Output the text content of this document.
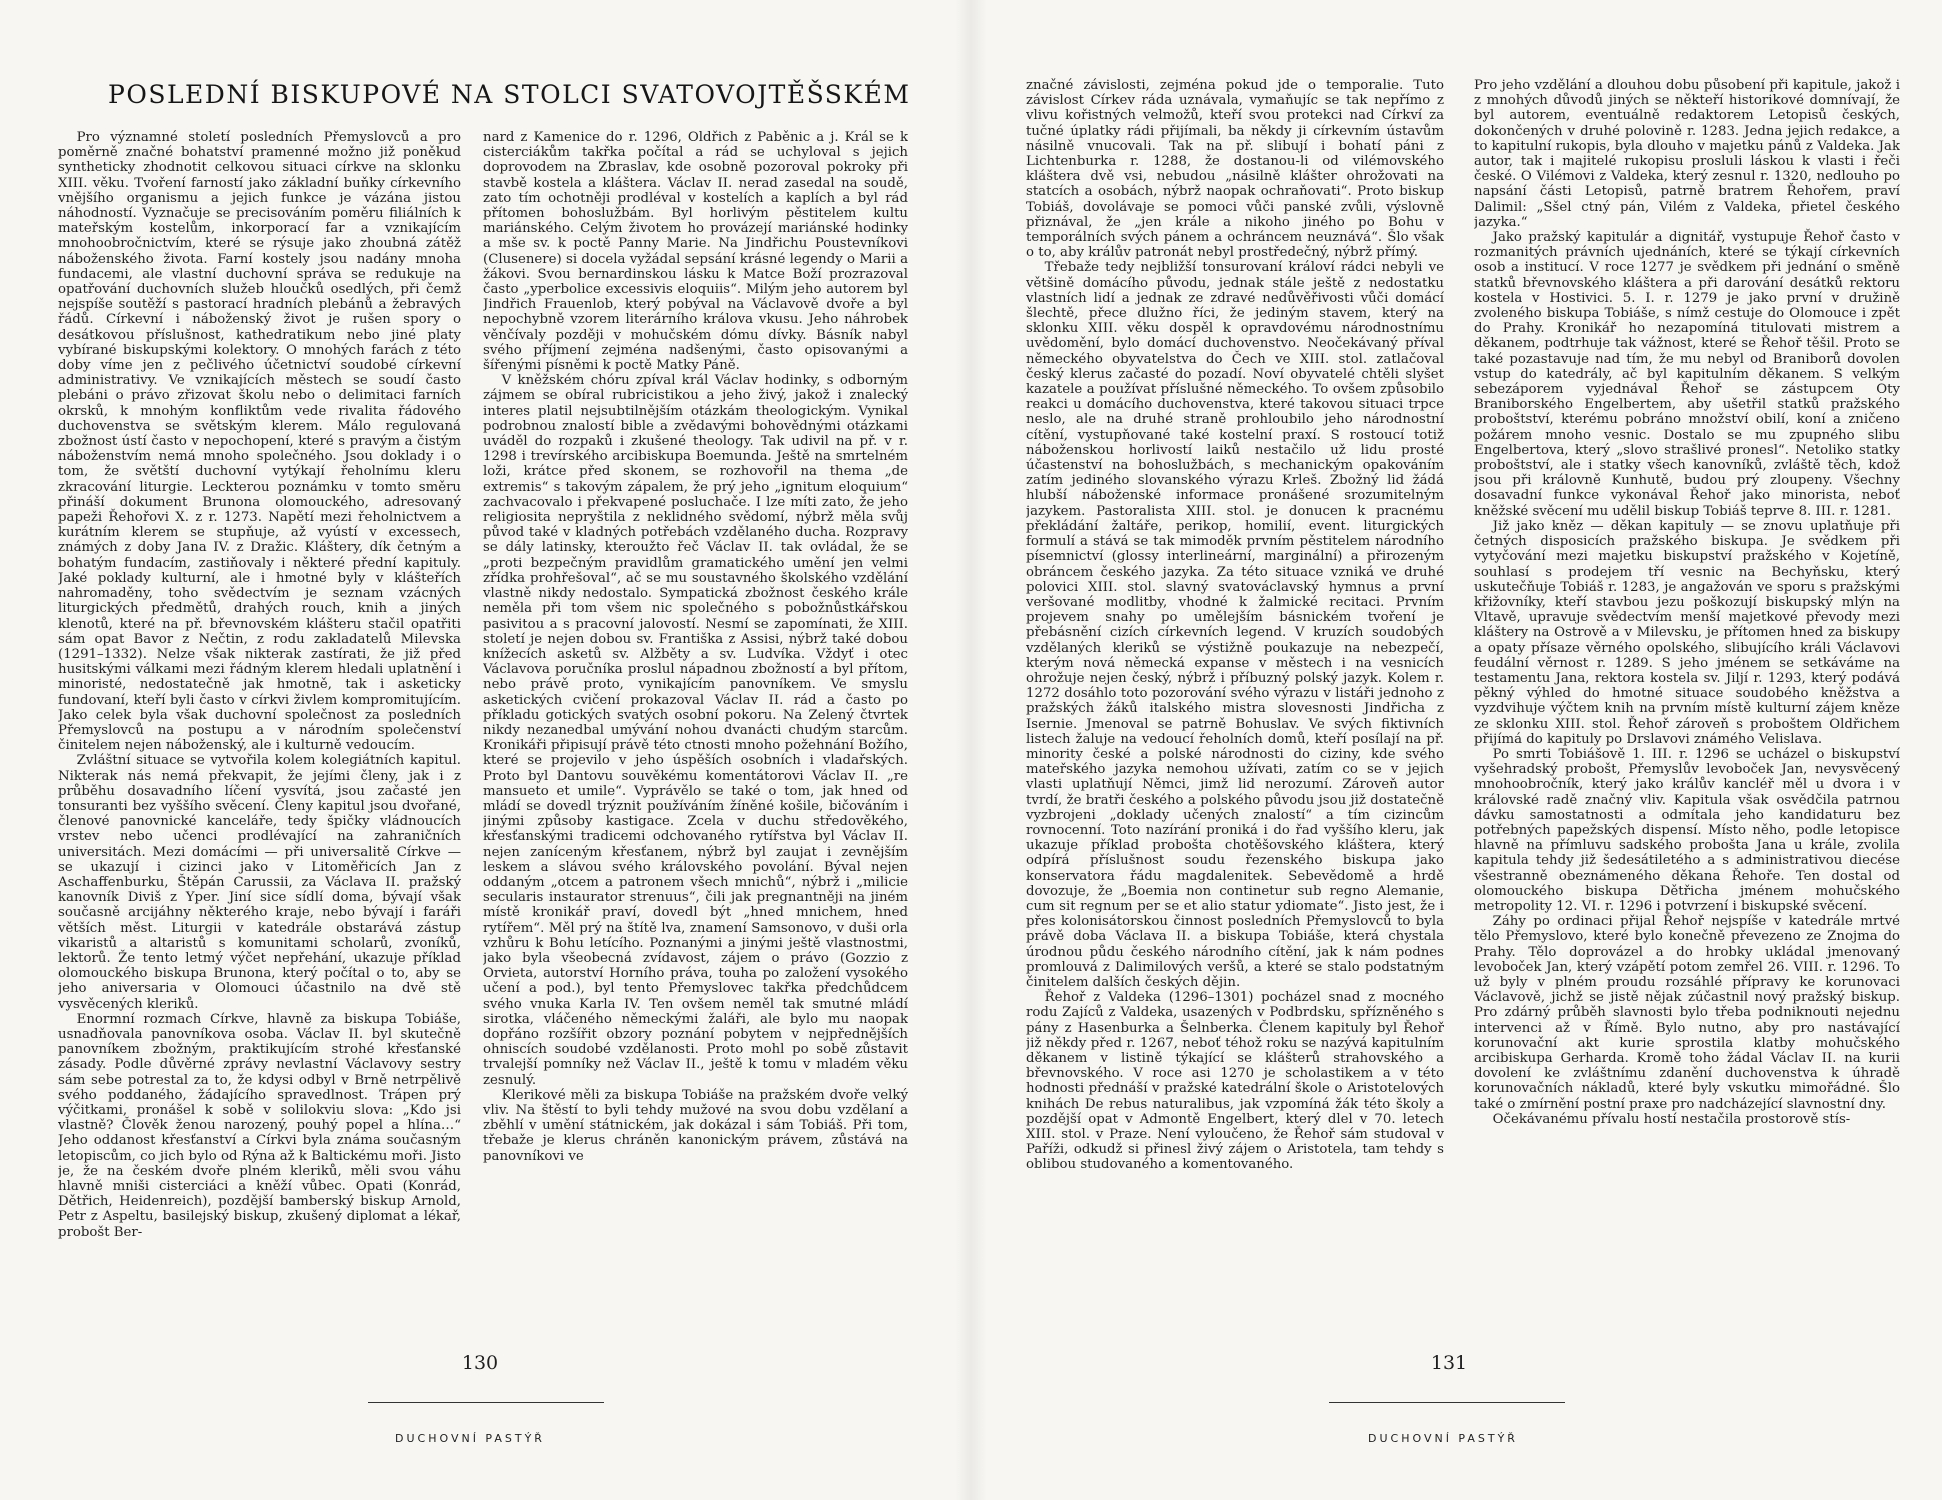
POSLEDNÍ BISKUPOVÉ NA STOLCI SVATOVOJTĚŠSKÉM

Pro významné století posledních Přemyslovců a pro poměrně značné bohatství pramenné možno již poněkud syntheticky zhodnotit celkovou situaci církve na sklonku XIII. věku. Tvoření farností jako základní buňky církevního vnějšího organismu a jejich funkce je vázána jistou náhodností. Vyznačuje se precisováním poměru filiálních k mateřským kostelům, inkorporací far a vznikajícím mnohoobročnictvím, které se rýsuje jako zhoubná zátěž náboženského života. Farní kostely jsou nadány mnoha fundacemi, ale vlastní duchovní správa se redukuje na opatřování duchovních služeb hloučků osedlých, při čemž nejspíše soutěží s pastorací hradních plebánů a žebravých řádů. Církevní i náboženský život je rušen spory o desátkovou příslušnost, kathedratikum nebo jiné platy vybírané biskupskými kolektory. O mnohých farách z této doby víme jen z pečlivého účetnictví soudobé církevní administrativy. Ve vznikajících městech se soudí často plebáni o právo zřizovat školu nebo o delimitaci farních okrsků, k mnohým konfliktům vede rivalita řádového duchovenstva se světským klerem. Málo regulovaná zbožnost ústí často v nepochopení, které s pravým a čistým náboženstvím nemá mnoho společného. Jsou doklady i o tom, že světští duchovní vytýkají řeholnímu kleru zkracování liturgie. Leckterou poznámku v tomto směru přináší dokument Brunona olomouckého, adresovaný papeži Řehořovi X. z r. 1273. Napětí mezi řeholnictvem a kurátním klerem se stupňuje, až vyústí v excessech, známých z doby Jana IV. z Dražic. Kláštery, dík četným a bohatým fundacím, zastiňovaly i některé přední kapituly. Jaké poklady kulturní, ale i hmotné byly v klášteřích nahromaděny, toho svědectvím je seznam vzácných liturgických předmětů, drahých rouch, knih a jiných klenotů, které na př. břevnovském klášteru stačil opatřiti sám opat Bavor z Nečtin, z rodu zakladatelů Milevska (1291–1332). Nelze však nikterak zastírati, že již před husitskými válkami mezi řádným klerem hledali uplatnění i minoristé, nedostatečně jak hmotně, tak i asketicky fundovaní, kteří byli často v církvi živlem kompromitujícím. Jako celek byla však duchovní společnost za posledních Přemyslovců na postupu a v národním společenství činitelem nejen náboženský, ale i kulturně vedoucím.

Zvláštní situace se vytvořila kolem kolegiátních kapitul. Nikterak nás nemá překvapit, že jejími členy, jak i z průběhu dosavadního líčení vysvítá, jsou začasté jen tonsuranti bez vyššího svěcení. Členy kapitul jsou dvořané, členové panovnické kanceláře, tedy špičky vládnoucích vrstev nebo učenci prodlévající na zahraničních universitách. Mezi domácími — při universalitě Církve — se ukazují i cizinci jako v Litoměřicích Jan z Aschaffenburku, Štěpán Carussii, za Václava II. pražský kanovník Diviš z Yper. Jiní sice sídlí doma, bývají však současně arcijáhny některého kraje, nebo bývají i faráři větších měst. Liturgii v katedrále obstarává zástup vikaristů a altaristů s komunitami scholarů, zvoníků, lektorů. Že tento letmý výčet nepřehání, ukazuje příklad olomouckého biskupa Brunona, který počítal o to, aby se jeho aniversaria v Olomouci účastnilo na dvě stě vysvěcených kleriků.

Enormní rozmach Církve, hlavně za biskupa Tobiáše, usnadňovala panovníkova osoba. Václav II. byl skutečně panovníkem zbožným, praktikujícím strohé křesťanské zásady. Podle důvěrné zprávy nevlastní Václavovy sestry sám sebe potrestal za to, že kdysi odbyl v Brně netrpělivě svého poddaného, žádajícího spravedlnost. Trápen prý výčitkami, pronášel k sobě v solilokviu slova: „Kdo jsi vlastně? Člověk ženou narozený, pouhý popel a hlína…“ Jeho oddanost křesťanství a Církvi byla známa současným letopiscům, co jich bylo od Rýna až k Baltickému moři. Jisto je, že na českém dvoře plném kleriků, měli svou váhu hlavně mniši cisterciáci a kněží vůbec. Opati (Konrád, Dětřich, Heidenreich), pozdější bamberský biskup Arnold, Petr z Aspeltu, basilejský biskup, zkušený diplomat a lékař, probošt Ber-

nard z Kamenice do r. 1296, Oldřich z Paběnic a j. Král se k cisterciákům takřka počítal a rád se uchyloval s jejich doprovodem na Zbraslav, kde osobně pozoroval pokroky při stavbě kostela a kláštera. Václav II. nerad zasedal na soudě, zato tím ochotněji prodléval v kostelích a kaplích a byl rád přítomen bohoslužbám. Byl horlivým pěstitelem kultu mariánského. Celým životem ho provázejí mariánské hodinky a mše sv. k poctě Panny Marie. Na Jindřichu Poustevníkovi (Clusenere) si docela vyžádal sepsání krásné legendy o Marii a žákovi. Svou bernardinskou lásku k Matce Boží prozrazoval často „yperbolice excessivis eloquiis“. Milým jeho autorem byl Jindřich Frauenlob, který pobýval na Václavově dvoře a byl nepochybně vzorem literárního králova vkusu. Jeho náhrobek věnčívaly později v mohučském dómu dívky. Básník nabyl svého příjmení zejména nadšenými, často opisovanými a šířenými písněmi k poctě Matky Páně.

V kněžském chóru zpíval král Václav hodinky, s odborným zájmem se obíral rubricistikou a jeho živý, jakož i znalecký interes platil nejsubtilnějším otázkám theologickým. Vynikal podrobnou znalostí bible a zvědavými bohovědnými otázkami uváděl do rozpaků i zkušené theology. Tak udivil na př. v r. 1298 i trevírského arcibiskupa Boemunda. Ještě na smrtelném loži, krátce před skonem, se rozhovořil na thema „de extremis“ s takovým zápalem, že prý jeho „ignitum eloquium“ zachvacovalo i překvapené posluchače. I lze míti zato, že jeho religiosita nepryštila z neklidného svědomí, nýbrž měla svůj původ také v kladných potřebách vzdělaného ducha. Rozpravy se dály latinsky, kteroužto řeč Václav II. tak ovládal, že se „proti bezpečným pravidlům gramatického umění jen velmi zřídka prohřešoval“, ač se mu soustavného školského vzdělání vlastně nikdy nedostalo. Sympatická zbožnost českého krále neměla při tom všem nic společného s pobožnůstkářskou pasivitou a s pracovní jalovostí. Nesmí se zapomínati, že XIII. století je nejen dobou sv. Františka z Assisi, nýbrž také dobou knížecích asketů sv. Alžběty a sv. Ludvíka. Vždyť i otec Václavova poručníka proslul nápadnou zbožností a byl přítom, nebo právě proto, vynikajícím panovníkem. Ve smyslu asketických cvičení prokazoval Václav II. rád a často po příkladu gotických svatých osobní pokoru. Na Zelený čtvrtek nikdy nezanedbal umývání nohou dvanácti chudým starcům. Kronikáři připisují právě této ctnosti mnoho požehnání Božího, které se projevilo v jeho úspěších osobních i vladařských. Proto byl Dantovu souvěkému komentátorovi Václav II. „re mansueto et umile“. Vyprávělo se také o tom, jak hned od mládí se dovedl trýznit používáním žíněné košile, bičováním i jinými způsoby kastigace. Zcela v duchu středověkého, křesťanskými tradicemi odchovaného rytířstva byl Václav II. nejen zaníceným křesťanem, nýbrž byl zaujat i zevnějším leskem a slávou svého královského povolání. Býval nejen oddaným „otcem a patronem všech mnichů“, nýbrž i „milicie secularis instaurator strenuus“, čili jak pregnantněji na jiném místě kronikář praví, dovedl být „hned mnichem, hned rytířem“. Měl prý na štítě lva, znamení Samsonovo, v duši orla vzhůru k Bohu letícího. Poznanými a jinými ještě vlastnostmi, jako byla všeobecná zvídavost, zájem o právo (Gozzio z Orvieta, autorství Horního práva, touha po založení vysokého učení a pod.), byl tento Přemyslovec takřka předchůdcem svého vnuka Karla IV. Ten ovšem neměl tak smutné mládí sirotka, vláčeného německými žaláři, ale bylo mu naopak dopřáno rozšířit obzory poznání pobytem v nejpřednějších ohniscích soudobé vzdělanosti. Proto mohl po sobě zůstavit trvalejší pomníky než Václav II., ještě k tomu v mladém věku zesnulý.

Klerikové měli za biskupa Tobiáše na pražském dvoře velký vliv. Na štěstí to byli tehdy mužové na svou dobu vzdělaní a zběhlí v umění státnickém, jak dokázal i sám Tobiáš. Při tom, třebaže je klerus chráněn kanonickým právem, zůstává na panovníkovi ve

130
DUCHOVNÍ PASTÝŘ

značné závislosti, zejména pokud jde o temporalie. Tuto závislost Církev ráda uznávala, vymaňujíc se tak nepřímo z vlivu kořistných velmožů, kteří svou protekci nad Církví za tučné úplatky rádi přijímali, ba někdy ji církevním ústavům násilně vnucovali. Tak na př. slibují i bohatí páni z Lichtenburka r. 1288, že dostanou-li od vilémovského kláštera dvě vsi, nebudou „násilně klášter ohrožovati na statcích a osobách, nýbrž naopak ochraňovati“. Proto biskup Tobiáš, dovolávaje se pomoci vůči panské zvůli, výslovně přiznával, že „jen krále a nikoho jiného po Bohu v temporálních svých pánem a ochráncem neuznává“. Šlo však o to, aby králův patronát nebyl prostředečný, nýbrž přímý.

Třebaže tedy nejbližší tonsurovaní královí rádci nebyli ve většině domácího původu, jednak stále ještě z nedostatku vlastních lidí a jednak ze zdravé nedůvěřivosti vůči domácí šlechtě, přece dlužno říci, že jediným stavem, který na sklonku XIII. věku dospěl k opravdovému národnostnímu uvědomění, bylo domácí duchovenstvo. Neočekávaný příval německého obyvatelstva do Čech ve XIII. stol. zatlačoval český klerus začasté do pozadí. Noví obyvatelé chtěli slyšet kazatele a používat příslušné německého. To ovšem způsobilo reakci u domácího duchovenstva, které takovou situaci trpce neslo, ale na druhé straně prohloubilo jeho národnostní cítění, vystupňované také kostelní praxí. S rostoucí totiž náboženskou horlivostí laiků nestačilo už lidu prosté účastenství na bohoslužbách, s mechanickým opakováním zatím jediného slovanského výrazu Krleš. Zbožný lid žádá hlubší náboženské informace pronášené srozumitelným jazykem. Pastoralista XIII. stol. je donucen k pracnému překládání žaltáře, perikop, homilií, event. liturgických formulí a stává se tak mimoděk prvním pěstitelem národního písemnictví (glossy interlineární, marginální) a přirozeným obráncem českého jazyka. Za této situace vzniká ve druhé polovici XIII. stol. slavný svatováclavský hymnus a první veršované modlitby, vhodné k žalmické recitaci. Prvním projevem snahy po umělejším básnickém tvoření je přebásnění cizích církevních legend. V kruzích soudobých vzdělaných kleriků se výstižně poukazuje na nebezpečí, kterým nová německá expanse v městech i na vesnicích ohrožuje nejen český, nýbrž i příbuzný polský jazyk. Kolem r. 1272 dosáhlo toto pozorování svého výrazu v listáři jednoho z pražských žáků italského mistra slovesnosti Jindřicha z Isernie. Jmenoval se patrně Bohuslav. Ve svých fiktivních listech žaluje na vedoucí řeholních domů, kteří posílají na př. minority české a polské národnosti do ciziny, kde svého mateřského jazyka nemohou užívati, zatím co se v jejich vlasti uplatňují Němci, jimž lid nerozumí. Zároveň autor tvrdí, že bratři českého a polského původu jsou již dostatečně vyzbrojeni „doklady učených znalostí“ a tím cizincům rovnocenní. Toto nazírání proniká i do řad vyššího kleru, jak ukazuje příklad probošta chotěšovského kláštera, který odpírá příslušnost soudu řezenského biskupa jako konservatora řádu magdalenitek. Sebevědomě a hrdě dovozuje, že „Boemia non continetur sub regno Alemanie, cum sit regnum per se et alio statur ydiomate“. Jisto jest, že i přes kolonisátorskou činnost posledních Přemyslovců to byla právě doba Václava II. a biskupa Tobiáše, která chystala úrodnou půdu českého národního cítění, jak k nám podnes promlouvá z Dalimilových veršů, a které se stalo podstatným činitelem dalších českých dějin.

Řehoř z Valdeka (1296–1301) pocházel snad z mocného rodu Zajíců z Valdeka, usazených v Podbrdsku, spřízněného s pány z Hasenburka a Šelnberka. Členem kapituly byl Řehoř již někdy před r. 1267, neboť téhož roku se nazývá kapitulním děkanem v listině týkající se klášterů strahovského a břevnovského. V roce asi 1270 je scholastikem a v této hodnosti přednáší v pražské katedrální škole o Aristotelových knihách De rebus naturalibus, jak vzpomíná žák této školy a pozdější opat v Admontě Engelbert, který dlel v 70. letech XIII. stol. v Praze. Není vyloučeno, že Řehoř sám studoval v Paříži, odkudž si přinesl živý zájem o Aristotela, tam tehdy s oblibou studovaného a komentovaného.

Pro jeho vzdělání a dlouhou dobu působení při kapitule, jakož i z mnohých důvodů jiných se někteří historikové domnívají, že byl autorem, eventuálně redaktorem Letopisů českých, dokončených v druhé polovině r. 1283. Jedna jejich redakce, a to kapitulní rukopis, byla dlouho v majetku pánů z Valdeka. Jak autor, tak i majitelé rukopisu prosluli láskou k vlasti i řeči české. O Vilémovi z Valdeka, který zesnul r. 1320, nedlouho po napsání části Letopisů, patrně bratrem Řehořem, praví Dalimil: „Sšel ctný pán, Vilém z Valdeka, přietel českého jazyka.“

Jako pražský kapitulár a dignitář, vystupuje Řehoř často v rozmanitých právních ujednáních, které se týkají církevních osob a institucí. V roce 1277 je svědkem při jednání o směně statků břevnovského kláštera a při darování desátků rektoru kostela v Hostivici. 5. I. r. 1279 je jako první v družině zvoleného biskupa Tobiáše, s nímž cestuje do Olomouce i zpět do Prahy. Kronikář ho nezapomíná titulovati mistrem a děkanem, podtrhuje tak vážnost, které se Řehoř těšil. Proto se také pozastavuje nad tím, že mu nebyl od Braniborů dovolen vstup do katedrály, ač byl kapitulním děkanem. S velkým sebezáporem vyjednával Řehoř se zástupcem Oty Braniborského Engelbertem, aby ušetřil statků pražského proboštství, kterému pobráno množství obilí, koní a zničeno požárem mnoho vesnic. Dostalo se mu zpupného slibu Engelbertova, který „slovo strašlivé pronesl“. Netoliko statky proboštství, ale i statky všech kanovníků, zvláště těch, kdož jsou při královně Kunhutě, budou prý zloupeny. Všechny dosavadní funkce vykonával Řehoř jako minorista, neboť kněžské svěcení mu udělil biskup Tobiáš teprve 8. III. r. 1281.

Již jako kněz — děkan kapituly — se znovu uplatňuje při četných disposicích pražského biskupa. Je svědkem při vytyčování mezi majetku biskupství pražského v Kojetíně, souhlasí s prodejem tří vesnic na Bechyňsku, který uskutečňuje Tobiáš r. 1283, je angažován ve sporu s pražskými křižovníky, kteří stavbou jezu poškozují biskupský mlýn na Vltavě, upravuje svědectvím menší majetkové převody mezi kláštery na Ostrově a v Milevsku, je přítomen hned za biskupy a opaty přísaze věrného opolského, slibujícího králi Václavovi feudální věrnost r. 1289. S jeho jménem se setkáváme na testamentu Jana, rektora kostela sv. Jiljí r. 1293, který podává pěkný výhled do hmotné situace soudobého kněžstva a vyzdvihuje výčtem knih na prvním místě kulturní zájem kněze ze sklonku XIII. stol. Řehoř zároveň s proboštem Oldřichem přijímá do kapituly po Drslavovi známého Velislava.

Po smrti Tobiášově 1. III. r. 1296 se ucházel o biskupství vyšehradský probošt, Přemyslův levoboček Jan, nevysvěcený mnohoobročník, který jako králův kancléř měl u dvora i v královské radě značný vliv. Kapitula však osvědčila patrnou dávku samostatnosti a odmítala jeho kandidaturu bez potřebných papežských dispensí. Místo něho, podle letopisce hlavně na přímluvu sadského probošta Jana u krále, zvolila kapitula tehdy již šedesátiletého a s administrativou diecése všestranně obeznámeného děkana Řehoře. Ten dostal od olomouckého biskupa Dětřicha jménem mohučského metropolity 12. VI. r. 1296 i potvrzení i biskupské svěcení.

Záhy po ordinaci přijal Řehoř nejspíše v katedrále mrtvé tělo Přemyslovo, které bylo konečně převezeno ze Znojma do Prahy. Tělo doprovázel a do hrobky ukládal jmenovaný levoboček Jan, který vzápětí potom zemřel 26. VIII. r. 1296. To už byly v plném proudu rozsáhlé přípravy ke korunovaci Václavově, jichž se jistě nějak zúčastnil nový pražský biskup. Pro zdárný průběh slavnosti bylo třeba podniknouti nejednu intervenci až v Římě. Bylo nutno, aby pro nastávající korunovační akt kurie sprostila klatby mohučského arcibiskupa Gerharda. Kromě toho žádal Václav II. na kurii dovolení ke zvláštnímu zdanění duchovenstva k úhradě korunovačních nákladů, které byly vskutku mimořádné. Šlo také o zmírnění postní praxe pro nadcházející slavnostní dny.

Očekávanému přívalu hostí nestačila prostorově stís-

131
DUCHOVNÍ PASTÝŘ
